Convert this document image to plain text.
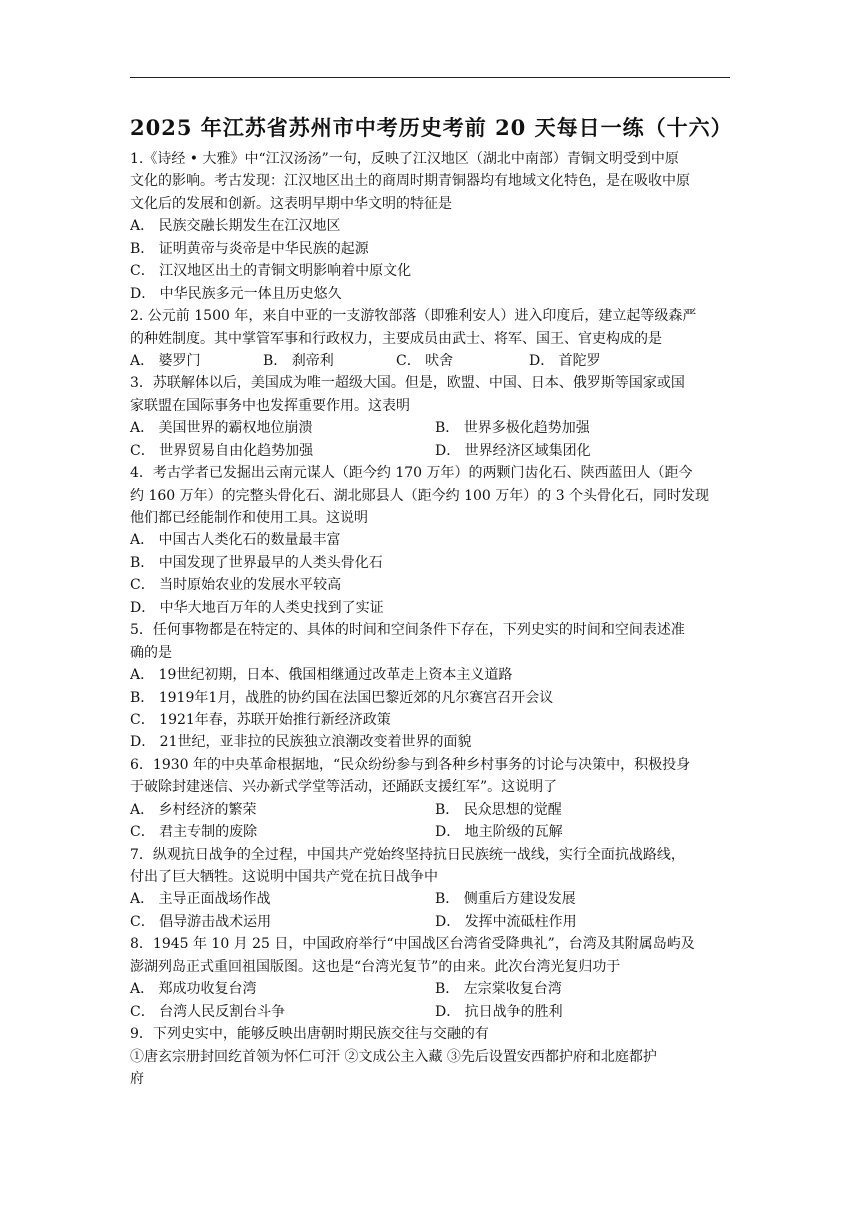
2025 年江苏省苏州市中考历史考前 20 天每日一练（十六）
1.《诗经 • 大雅》中“江汉汤汤”一句，反映了江汉地区（湖北中南部）青铜文明受到中原
文化的影响。考古发现：江汉地区出土的商周时期青铜器均有地域文化特色，是在吸收中原
文化后的发展和创新。这表明早期中华文明的特征是
A． 民族交融长期发生在江汉地区
B． 证明黄帝与炎帝是中华民族的起源
C． 江汉地区出土的青铜文明影响着中原文化
D． 中华民族多元一体且历史悠久
2. 公元前 1500 年，来自中亚的一支游牧部落（即雅利安人）进入印度后，建立起等级森严
的种姓制度。其中掌管军事和行政权力，主要成员由武士、将军、国王、官吏构成的是
A． 婆罗门	B． 刹帝利	C． 吠舍	D． 首陀罗
3．苏联解体以后，美国成为唯一超级大国。但是，欧盟、中国、日本、俄罗斯等国家或国
家联盟在国际事务中也发挥重要作用。这表明
A． 美国世界的霸权地位崩溃	B． 世界多极化趋势加强
C． 世界贸易自由化趋势加强	D． 世界经济区域集团化
4．考古学者已发掘出云南元谋人（距今约 170 万年）的两颗门齿化石、陕西蓝田人（距今
约 160 万年）的完整头骨化石、湖北郧县人（距今约 100 万年）的 3 个头骨化石，同时发现
他们都已经能制作和使用工具。这说明
A． 中国古人类化石的数量最丰富
B． 中国发现了世界最早的人类头骨化石
C． 当时原始农业的发展水平较高
D． 中华大地百万年的人类史找到了实证
5．任何事物都是在特定的、具体的时间和空间条件下存在，下列史实的时间和空间表述准
确的是
A． 19世纪初期，日本、俄国相继通过改革走上资本主义道路
B． 1919年1月，战胜的协约国在法国巴黎近郊的凡尔赛宫召开会议
C． 1921年春，苏联开始推行新经济政策
D． 21世纪，亚非拉的民族独立浪潮改变着世界的面貌
6．1930 年的中央革命根据地，“民众纷纷参与到各种乡村事务的讨论与决策中，积极投身
于破除封建迷信、兴办新式学堂等活动，还踊跃支援红军”。这说明了
A． 乡村经济的繁荣	B． 民众思想的觉醒
C． 君主专制的废除	D． 地主阶级的瓦解
7．纵观抗日战争的全过程，中国共产党始终坚持抗日民族统一战线，实行全面抗战路线，
付出了巨大牺牲。这说明中国共产党在抗日战争中
A． 主导正面战场作战	B． 侧重后方建设发展
C． 倡导游击战术运用	D． 发挥中流砥柱作用
8．1945 年 10 月 25 日，中国政府举行“中国战区台湾省受降典礼”，台湾及其附属岛屿及
澎湖列岛正式重回祖国版图。这也是“台湾光复节”的由来。此次台湾光复归功于
A． 郑成功收复台湾	B． 左宗棠收复台湾
C． 台湾人民反割台斗争	D． 抗日战争的胜利
9．下列史实中，能够反映出唐朝时期民族交往与交融的有
①唐玄宗册封回纥首领为怀仁可汗 ②文成公主入藏 ③先后设置安西都护府和北庭都护
府
